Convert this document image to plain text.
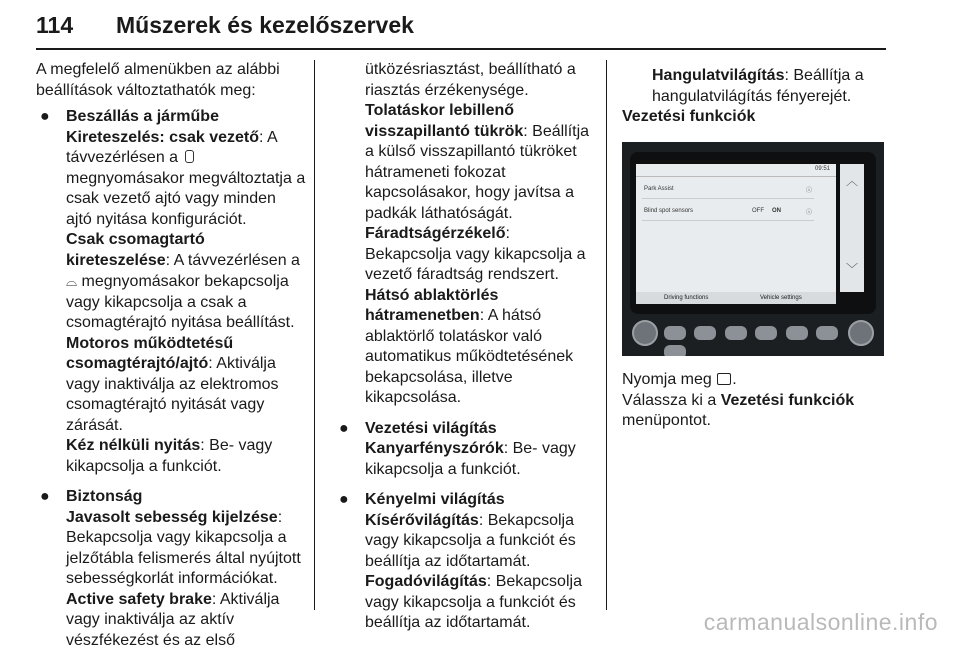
114 Műszerek és kezelőszervek

A megfelelő almenükben az alábbi beállítások változtathatók meg:

● Beszállás a járműbe

Kireteszelés: csak vezető: A távvezérlésen a  megnyomásakor megváltoztatja a csak vezető ajtó vagy minden ajtó nyitása konfigurációt.

Csak csomagtartó kireteszelése: A távvezérlésen a ⌓ megnyomásakor bekapcsolja vagy kikapcsolja a csak a csomagtérajtó nyitása beállítást.

Motoros működtetésű csomagtérajtó/ajtó: Aktiválja vagy inaktiválja az elektromos csomagtérajtó nyitását vagy zárását.

Kéz nélküli nyitás: Be- vagy kikapcsolja a funkciót.

● Biztonság

Javasolt sebesség kijelzése: Bekapcsolja vagy kikapcsolja a jelzőtábla felismerés által nyújtott sebességkorlát információkat.

Active safety brake: Aktiválja vagy inaktiválja az aktív vészfékezést és az első

ütközésriasztást, beállítható a riasztás érzékenysége.

Tolatáskor lebillenő visszapillantó tükrök: Beállítja a külső visszapillantó tükröket hátrameneti fokozat kapcsolásakor, hogy javítsa a padkák láthatóságát.

Fáradtságérzékelő: Bekapcsolja vagy kikapcsolja a vezető fáradtság rendszert.

Hátsó ablaktörlés hátramenetben: A hátsó ablaktörlő tolatáskor való automatikus működtetésének bekapcsolása, illetve kikapcsolása.

● Vezetési világítás

Kanyarfényszórók: Be- vagy kikapcsolja a funkciót.

● Kényelmi világítás

Kísérővilágítás: Bekapcsolja vagy kikapcsolja a funkciót és beállítja az időtartamát.

Fogadóvilágítás: Bekapcsolja vagy kikapcsolja a funkciót és beállítja az időtartamát.

Hangulatvilágítás: Beállítja a hangulatvilágítás fényerejét.

Vezetési funkciók

09:51
Park Assist	ⓘ
Blind spot sensors	OFF ON	ⓘ
︿
﹀
Driving functions	Vehicle settings

Nyomja meg .

Válassza ki a Vezetési funkciók menüpontot.

carmanualsonline.info
